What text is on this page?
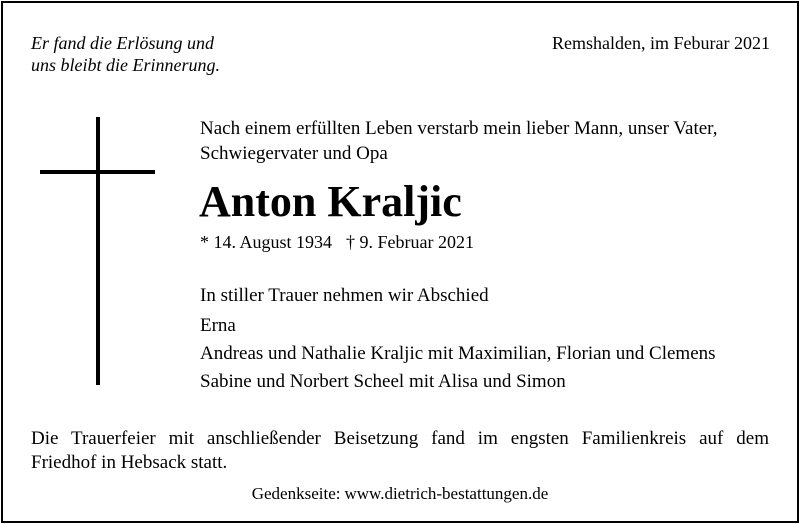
Er fand die Erlösung und
uns bleibt die Erinnerung.
Remshalden, im Feburar 2021
Nach einem erfüllten Leben verstarb mein lieber Mann, unser Vater,
Schwiegervater und Opa
Anton Kraljic
* 14. August 1934 † 9. Februar 2021
In stiller Trauer nehmen wir Abschied
Erna
Andreas und Nathalie Kraljic mit Maximilian, Florian und Clemens
Sabine und Norbert Scheel mit Alisa und Simon
Die Trauerfeier mit anschließender Beisetzung fand im engsten Familienkreis auf dem
Friedhof in Hebsack statt.
Gedenkseite: www.dietrich-bestattungen.de
